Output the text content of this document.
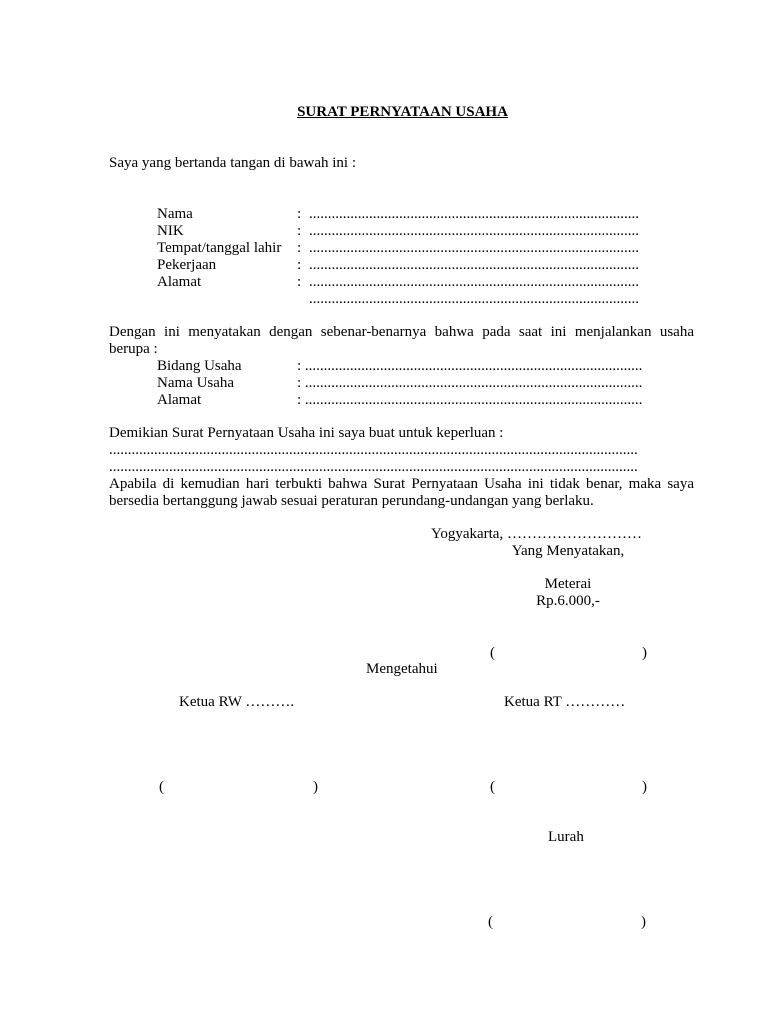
SURAT PERNYATAAN USAHA
Saya yang bertanda tangan di bawah ini :
Nama	: ........................................................................................
NIK	: ........................................................................................
Tempat/tanggal lahir : ........................................................................................
Pekerjaan	: ........................................................................................
Alamat	: ........................................................................................
........................................................................................
Dengan ini menyatakan dengan sebenar-benarnya bahwa pada saat ini menjalankan usaha
berupa :
Bidang Usaha	: ..........................................................................................
Nama Usaha	: ..........................................................................................
Alamat	: ..........................................................................................
Demikian Surat Pernyataan Usaha ini saya buat untuk keperluan :
.............................................................................................................................................
.............................................................................................................................................
Apabila di kemudian hari terbukti bahwa Surat Pernyataan Usaha ini tidak benar, maka saya
bersedia bertanggung jawab sesuai peraturan perundang-undangan yang berlaku.
Yogyakarta, ………………………
Yang Menyatakan,
Meterai
Rp.6.000,-
(	)
Mengetahui
Ketua RW ……….	Ketua RT …………
(	)	(	)
Lurah
(	)
